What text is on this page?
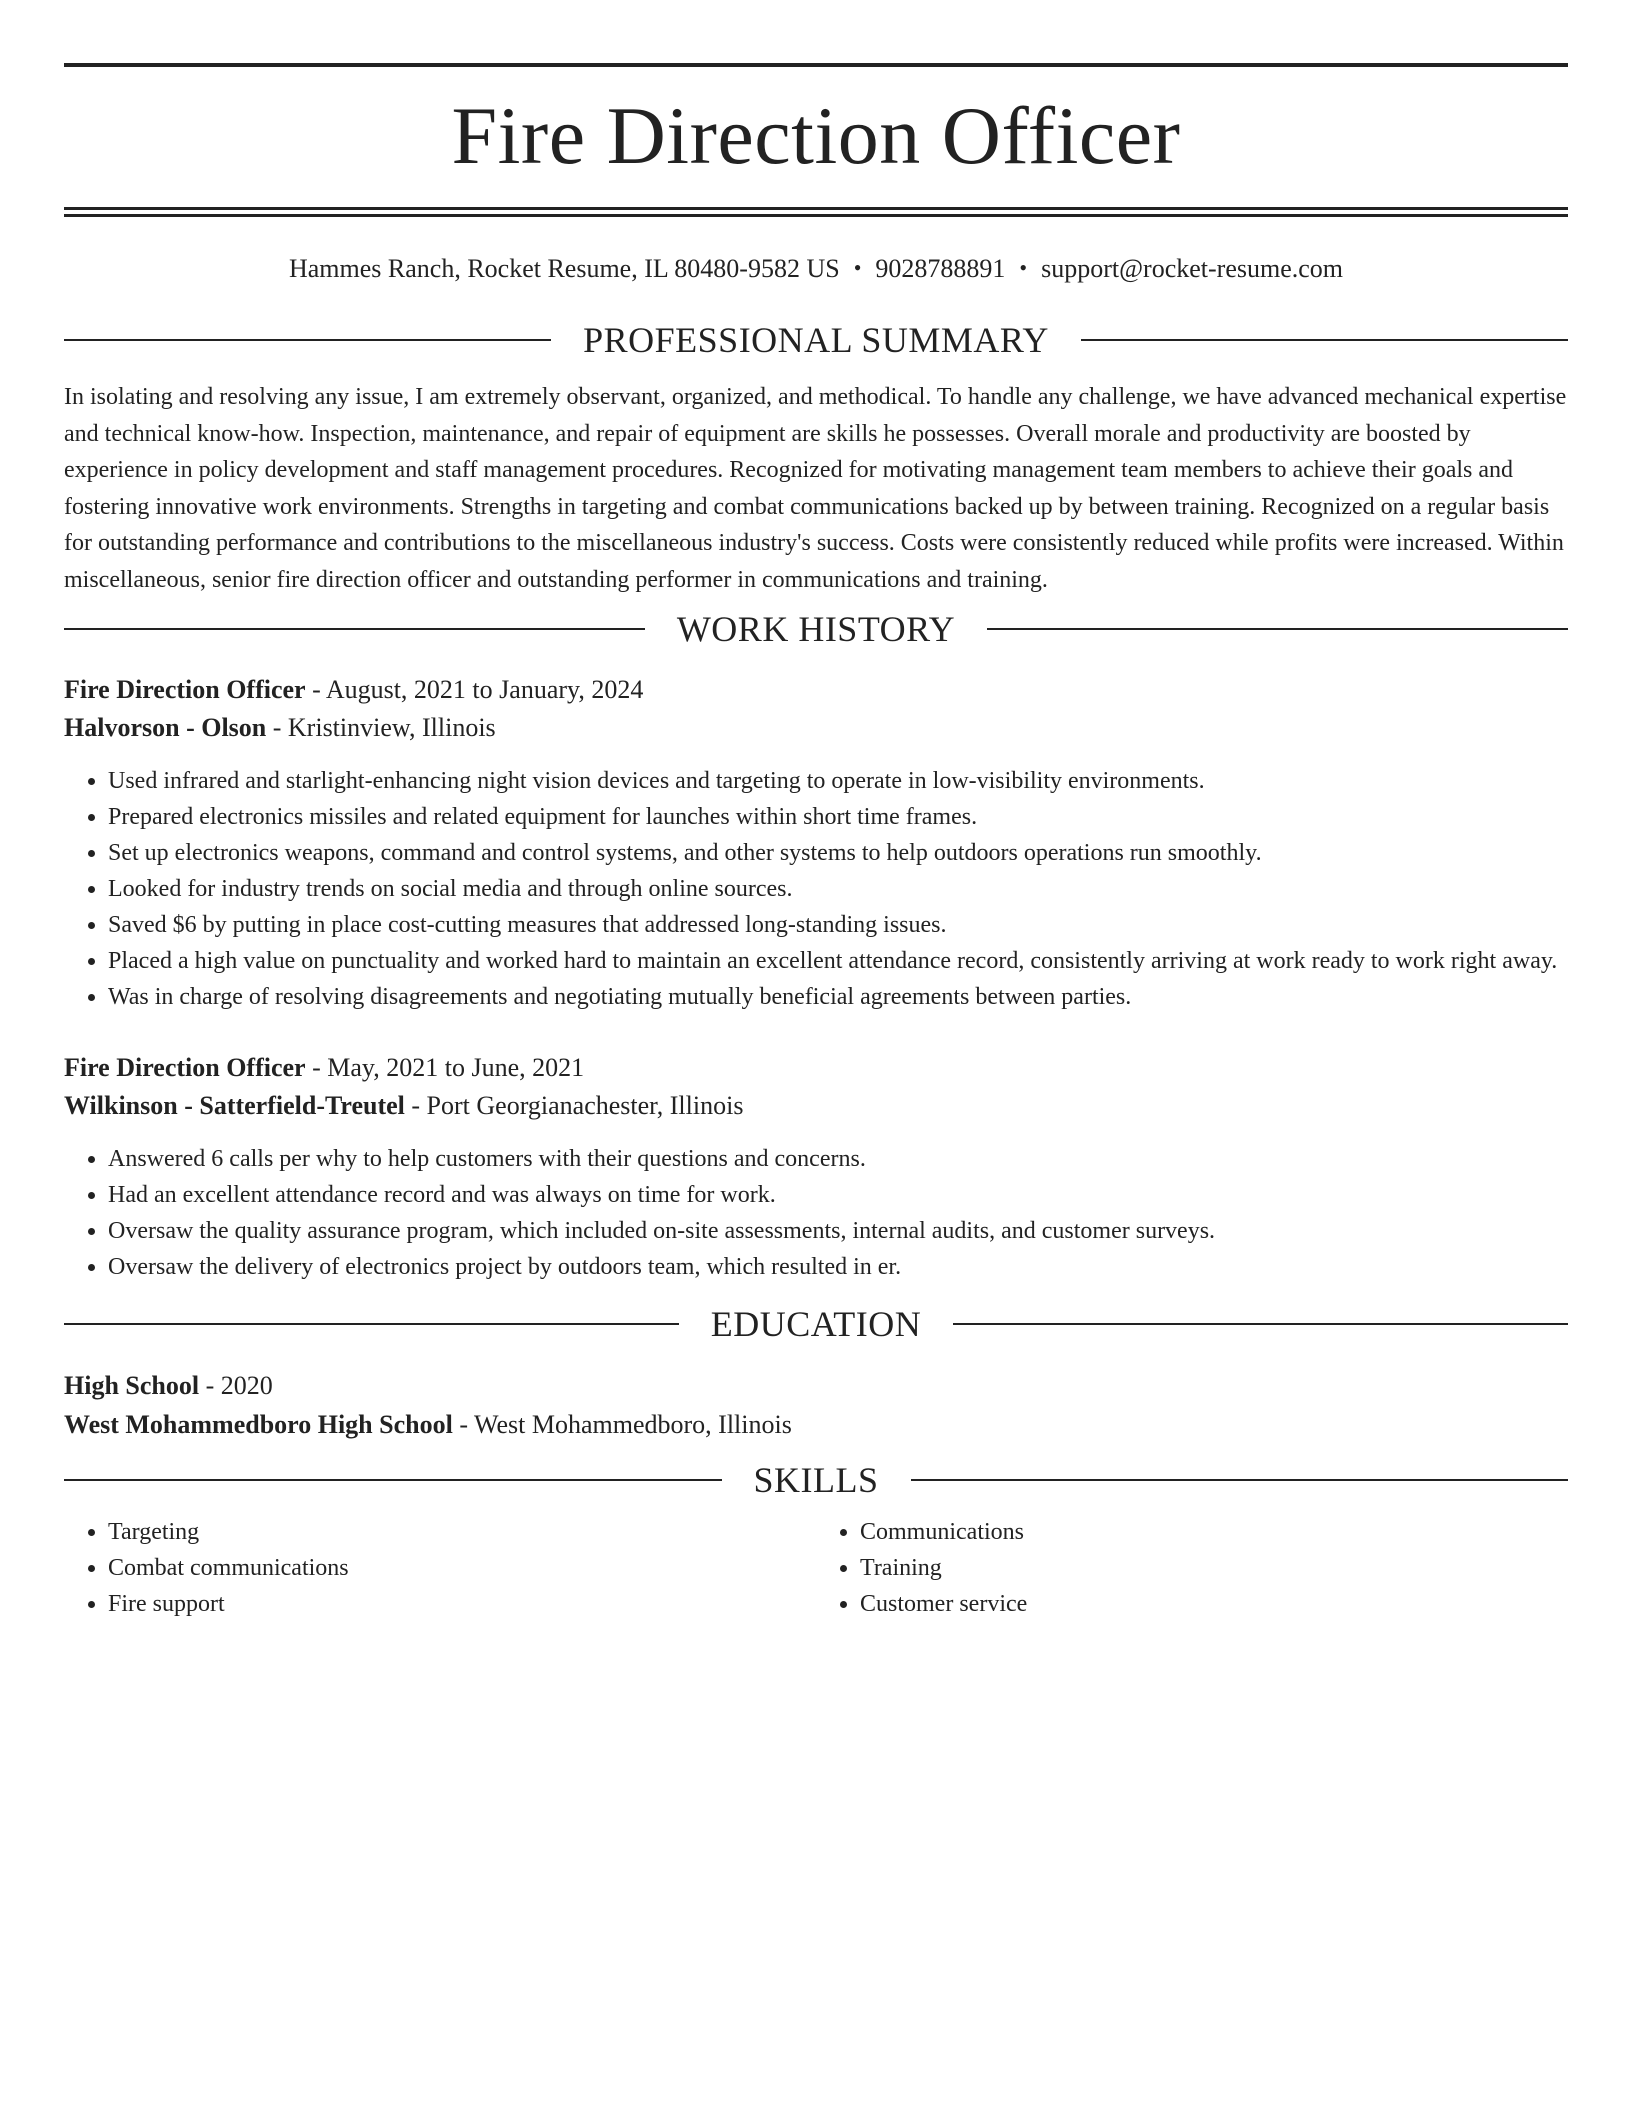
Fire Direction Officer
Hammes Ranch, Rocket Resume, IL 80480-9582 US • 9028788891 • support@rocket-resume.com
PROFESSIONAL SUMMARY

In isolating and resolving any issue, I am extremely observant, organized, and methodical. To handle any challenge, we have advanced mechanical expertise and technical know-how. Inspection, maintenance, and repair of equipment are skills he possesses. Overall morale and productivity are boosted by experience in policy development and staff management procedures. Recognized for motivating management team members to achieve their goals and fostering innovative work environments. Strengths in targeting and combat communications backed up by between training. Recognized on a regular basis for outstanding performance and contributions to the miscellaneous industry's success. Costs were consistently reduced while profits were increased. Within miscellaneous, senior fire direction officer and outstanding performer in communications and training.

WORK HISTORY
Fire Direction Officer - August, 2021 to January, 2024
Halvorson - Olson - Kristinview, Illinois
• Used infrared and starlight-enhancing night vision devices and targeting to operate in low-visibility environments.
• Prepared electronics missiles and related equipment for launches within short time frames.
• Set up electronics weapons, command and control systems, and other systems to help outdoors operations run smoothly.
• Looked for industry trends on social media and through online sources.
• Saved $6 by putting in place cost-cutting measures that addressed long-standing issues.
• Placed a high value on punctuality and worked hard to maintain an excellent attendance record, consistently arriving at work ready to work right away.
• Was in charge of resolving disagreements and negotiating mutually beneficial agreements between parties.
Fire Direction Officer - May, 2021 to June, 2021
Wilkinson - Satterfield-Treutel - Port Georgianachester, Illinois
• Answered 6 calls per why to help customers with their questions and concerns.
• Had an excellent attendance record and was always on time for work.
• Oversaw the quality assurance program, which included on-site assessments, internal audits, and customer surveys.
• Oversaw the delivery of electronics project by outdoors team, which resulted in er.
EDUCATION
High School - 2020
West Mohammedboro High School - West Mohammedboro, Illinois
SKILLS
• Targeting
• Combat communications
• Fire support
• Communications
• Training
• Customer service
